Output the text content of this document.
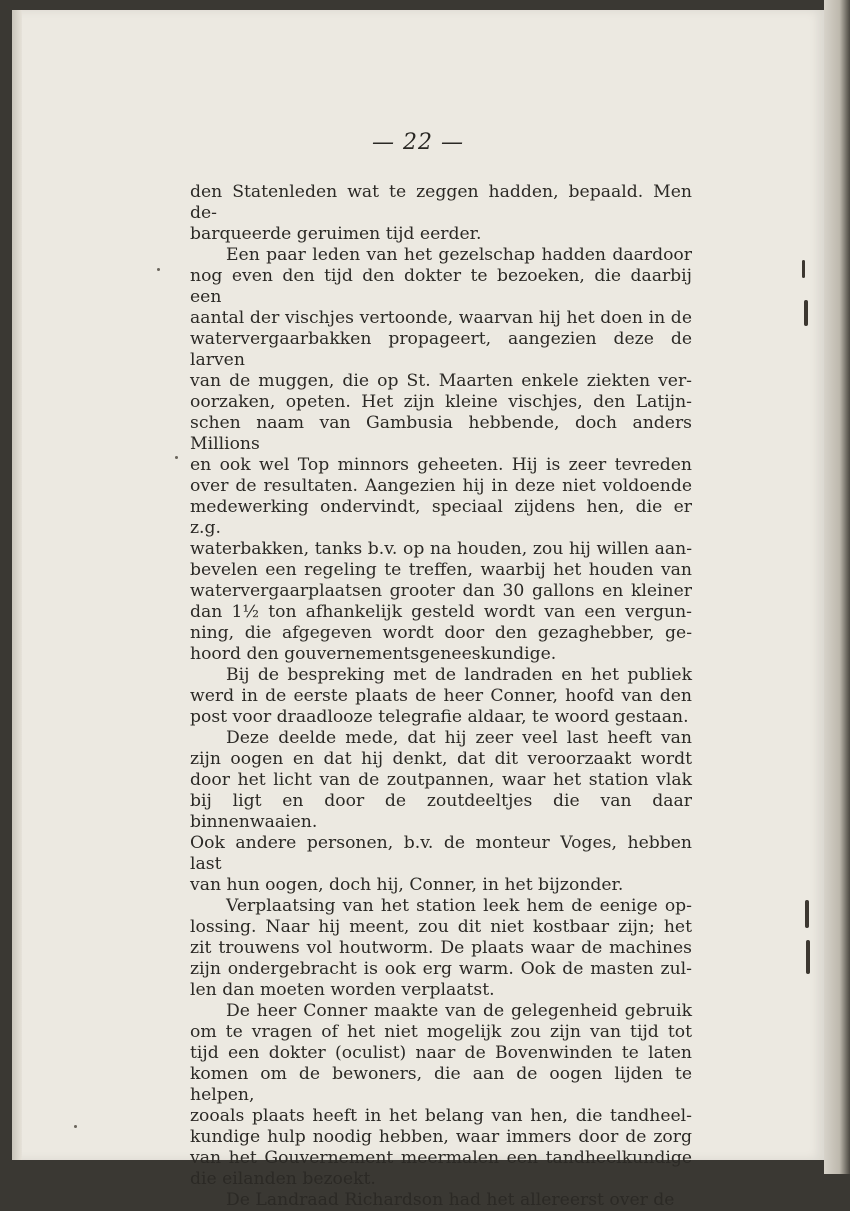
— 22 —

den Statenleden wat te zeggen hadden, bepaald. Men de-

barqueerde geruimen tijd eerder.

Een paar leden van het gezelschap hadden daardoor

nog even den tijd den dokter te bezoeken, die daarbij een

aantal der vischjes vertoonde, waarvan hij het doen in de

watervergaarbakken propageert, aangezien deze de larven

van de muggen, die op St. Maarten enkele ziekten ver-

oorzaken, opeten. Het zijn kleine vischjes, den Latijn-

schen naam van Gambusia hebbende, doch anders Millions

en ook wel Top minnors geheeten. Hij is zeer tevreden

over de resultaten. Aangezien hij in deze niet voldoende

medewerking ondervindt, speciaal zijdens hen, die er z.g.

waterbakken, tanks b.v. op na houden, zou hij willen aan-

bevelen een regeling te treffen, waarbij het houden van

watervergaarplaatsen grooter dan 30 gallons en kleiner

dan 1½ ton afhankelijk gesteld wordt van een vergun-

ning, die afgegeven wordt door den gezaghebber, ge-

hoord den gouvernementsgeneeskundige.

Bij de bespreking met de landraden en het publiek

werd in de eerste plaats de heer Conner, hoofd van den

post voor draadlooze telegrafie aldaar, te woord gestaan.

Deze deelde mede, dat hij zeer veel last heeft van

zijn oogen en dat hij denkt, dat dit veroorzaakt wordt

door het licht van de zoutpannen, waar het station vlak

bij ligt en door de zoutdeeltjes die van daar binnenwaaien.

Ook andere personen, b.v. de monteur Voges, hebben last

van hun oogen, doch hij, Conner, in het bijzonder.

Verplaatsing van het station leek hem de eenige op-

lossing. Naar hij meent, zou dit niet kostbaar zijn; het

zit trouwens vol houtworm. De plaats waar de machines

zijn ondergebracht is ook erg warm. Ook de masten zul-

len dan moeten worden verplaatst.

De heer Conner maakte van de gelegenheid gebruik

om te vragen of het niet mogelijk zou zijn van tijd tot

tijd een dokter (oculist) naar de Bovenwinden te laten

komen om de bewoners, die aan de oogen lijden te helpen,

zooals plaats heeft in het belang van hen, die tandheel-

kundige hulp noodig hebben, waar immers door de zorg

van het Gouvernement meermalen een tandheelkundige

die eilanden bezoekt.

De Landraad Richardson had het allereerst over de
